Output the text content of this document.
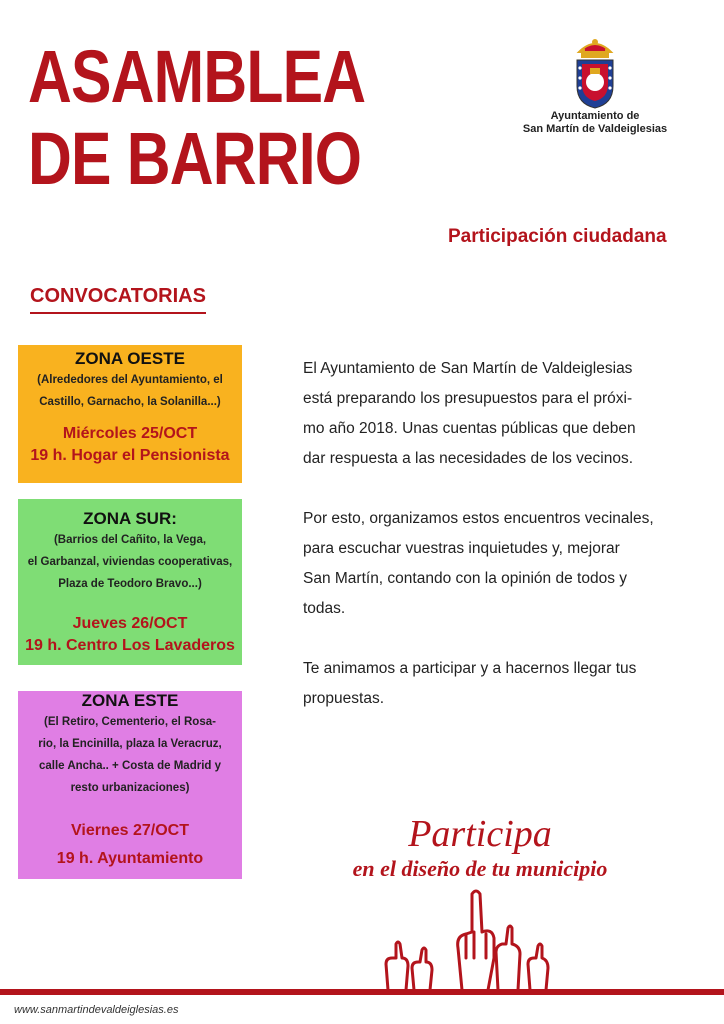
ASAMBLEA
DE BARRIO
Ayuntamiento de
San Martín de Valdeiglesias
Participación ciudadana
CONVOCATORIAS
ZONA OESTE
(Alrededores del Ayuntamiento, el
Castillo, Garnacho, la Solanilla...)
Miércoles 25/OCT
19 h. Hogar el Pensionista
ZONA SUR:
(Barrios del Cañito, la Vega,
el Garbanzal, viviendas cooperativas,
Plaza de Teodoro Bravo...)
Jueves 26/OCT
19 h. Centro Los Lavaderos
ZONA ESTE
(El Retiro, Cementerio, el Rosa-
rio, la Encinilla, plaza la Veracruz,
calle Ancha.. + Costa de Madrid y
resto urbanizaciones)
Viernes 27/OCT
19 h. Ayuntamiento

El Ayuntamiento de San Martín de Valdeiglesias
está preparando los presupuestos para el próxi-
mo año 2018. Unas cuentas públicas que deben
dar respuesta a las necesidades de los vecinos.

Por esto, organizamos estos encuentros vecinales,
para escuchar vuestras inquietudes y, mejorar
San Martín, contando con la opinión de todos y
todas.

Te animamos a participar y a hacernos llegar tus
propuestas.

Participa
en el diseño de tu municipio
www.sanmartindevaldeiglesias.es
